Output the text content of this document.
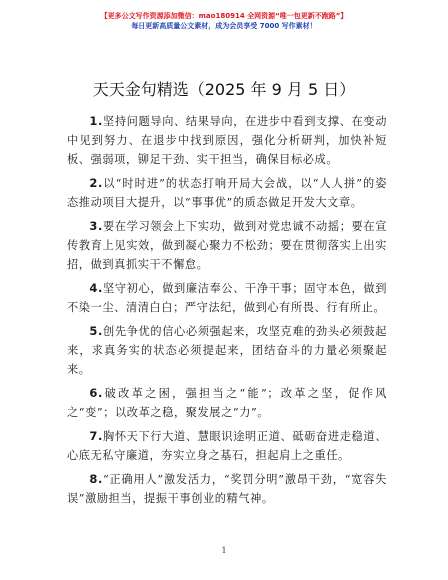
【更多公文写作资源添加微信：mao180914 全网资源“唯一包更新不跑路”】
每日更新高质量公文素材，成为会员享受 7000 写作素材！
天天金句精选（2025 年 9 月 5 日）

1.坚持问题导向、结果导向，在进步中看到支撑、在变动中见到努力、在退步中找到原因，强化分析研判，加快补短板、强弱项，铆足干劲、实干担当，确保目标必成。

2.以“时时进”的状态打响开局大会战，以“人人拼”的姿态推动项目大提升，以“事事优”的质态做足开发大文章。

3.要在学习领会上下实功，做到对党忠诚不动摇；要在宣传教育上见实效，做到凝心聚力不松劲；要在贯彻落实上出实招，做到真抓实干不懈怠。

4.坚守初心，做到廉洁奉公、干净干事；固守本色，做到不染一尘、清清白白；严守法纪，做到心有所畏、行有所止。

5.创先争优的信心必须强起来，攻坚克难的劲头必须鼓起来，求真务实的状态必须提起来，团结奋斗的力量必须聚起来。

6.破改革之困，强担当之“能”；改革之坚，促作风之“变”；以改革之稳，聚发展之“力”。

7.胸怀天下行大道、慧眼识途明正道、砥砺奋进走稳道、心底无私守廉道，夯实立身之基石，担起肩上之重任。

8.“正确用人”激发活力，“奖罚分明”激昂干劲，“宽容失误”激励担当，提振干事创业的精气神。

1
